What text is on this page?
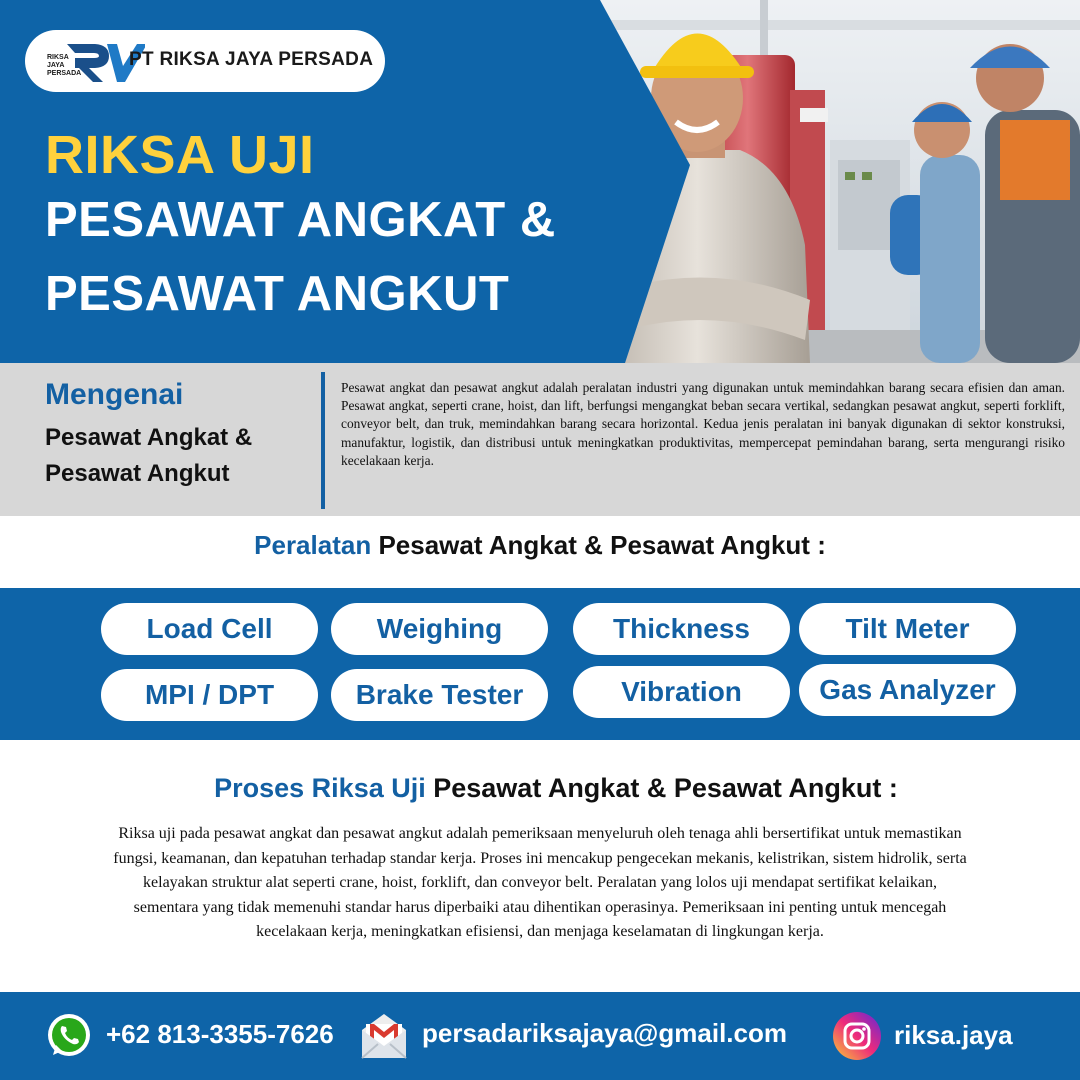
RIKSA
JAYA
PERSADA
PT RIKSA JAYA PERSADA
RIKSA UJI
PESAWAT ANGKAT &
PESAWAT ANGKUT
Mengenai
Pesawat Angkat & Pesawat Angkut
Pesawat angkat dan pesawat angkut adalah peralatan industri yang digunakan untuk memindahkan barang secara efisien dan aman. Pesawat angkat, seperti crane, hoist, dan lift, berfungsi mengangkat beban secara vertikal, sedangkan pesawat angkut, seperti forklift, conveyor belt, dan truk, memindahkan barang secara horizontal. Kedua jenis peralatan ini banyak digunakan di sektor konstruksi, manufaktur, logistik, dan distribusi untuk meningkatkan produktivitas, mempercepat pemindahan barang, serta mengurangi risiko kecelakaan kerja.
Peralatan Pesawat Angkat & Pesawat Angkut :
Load Cell	Weighing	Thickness	Tilt Meter
MPI / DPT	Brake Tester	Vibration	Gas Analyzer
Proses Riksa Uji Pesawat Angkat & Pesawat Angkut :
Riksa uji pada pesawat angkat dan pesawat angkut adalah pemeriksaan menyeluruh oleh tenaga ahli bersertifikat untuk memastikan fungsi, keamanan, dan kepatuhan terhadap standar kerja. Proses ini mencakup pengecekan mekanis, kelistrikan, sistem hidrolik, serta kelayakan struktur alat seperti crane, hoist, forklift, dan conveyor belt. Peralatan yang lolos uji mendapat sertifikat kelaikan, sementara yang tidak memenuhi standar harus diperbaiki atau dihentikan operasinya. Pemeriksaan ini penting untuk mencegah kecelakaan kerja, meningkatkan efisiensi, dan menjaga keselamatan di lingkungan kerja.
+62 813-3355-7626	persadariksajaya@gmail.com	riksa.jaya
